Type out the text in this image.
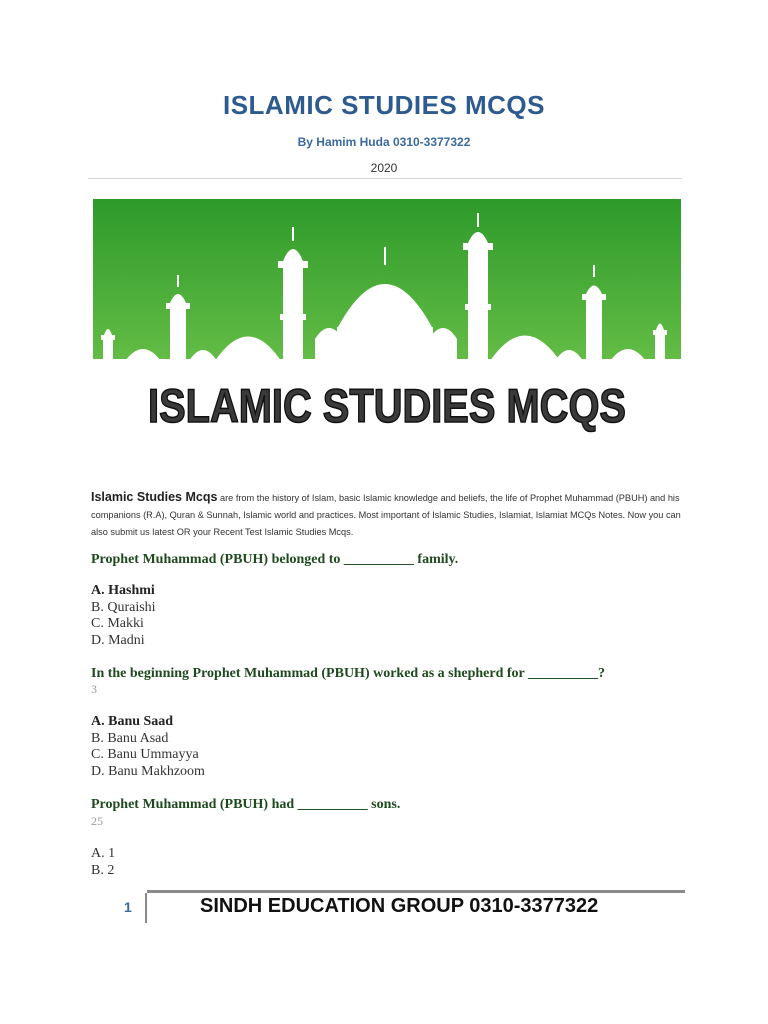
ISLAMIC STUDIES MCQS
By Hamim Huda 0310-3377322
2020
ISLAMIC STUDIES MCQS
Islamic Studies Mcqs are from the history of Islam, basic Islamic knowledge and beliefs, the life of Prophet Muhammad (PBUH) and his companions (R.A), Quran & Sunnah, Islamic world and practices. Most important of Islamic Studies, Islamiat, Islamiat MCQs Notes. Now you can also submit us latest OR your Recent Test Islamic Studies Mcqs.
Prophet Muhammad (PBUH) belonged to __________ family.
A. Hashmi
B. Quraishi
C. Makki
D. Madni
In the beginning Prophet Muhammad (PBUH) worked as a shepherd for __________?
3
A. Banu Saad
B. Banu Asad
C. Banu Ummayya
D. Banu Makhzoom
Prophet Muhammad (PBUH) had __________ sons.
25
A. 1
B. 2
1	SINDH EDUCATION GROUP 0310-3377322
